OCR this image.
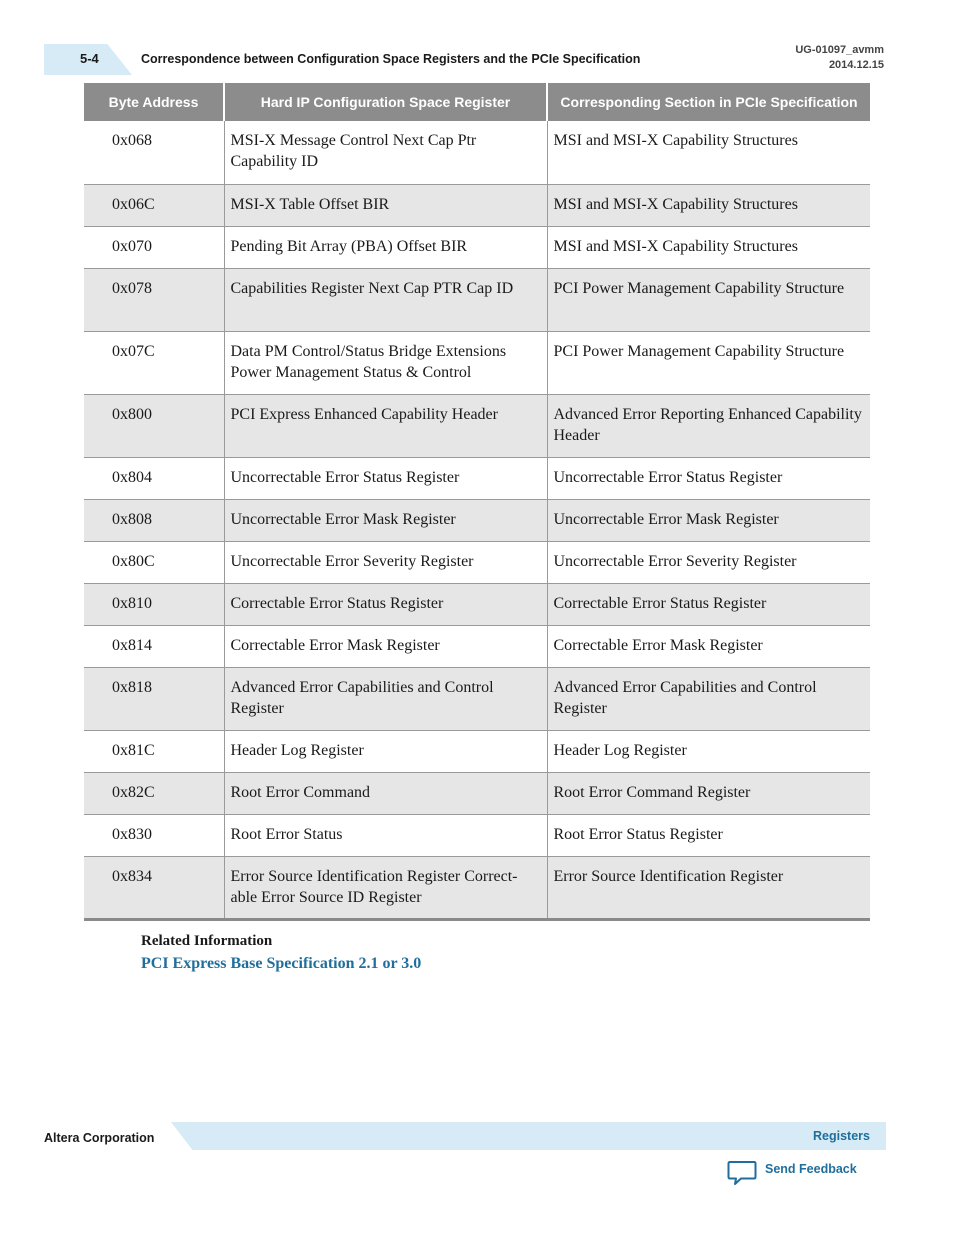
5-4	Correspondence between Configuration Space Registers and the PCIe Specification
UG-01097_avmm
2014.12.15
Byte Address	Hard IP Configuration Space Register	Corresponding Section in PCIe Specification
0x068	MSI-X Message Control Next Cap Ptr Capability ID	MSI and MSI-X Capability Structures
0x06C	MSI-X Table Offset BIR	MSI and MSI-X Capability Structures
0x070	Pending Bit Array (PBA) Offset BIR	MSI and MSI-X Capability Structures
0x078	Capabilities Register Next Cap PTR Cap ID	PCI Power Management Capability Structure
0x07C	Data PM Control/Status Bridge Extensions Power Management Status & Control	PCI Power Management Capability Structure
0x800	PCI Express Enhanced Capability Header	Advanced Error Reporting Enhanced Capability Header
0x804	Uncorrectable Error Status Register	Uncorrectable Error Status Register
0x808	Uncorrectable Error Mask Register	Uncorrectable Error Mask Register
0x80C	Uncorrectable Error Severity Register	Uncorrectable Error Severity Register
0x810	Correctable Error Status Register	Correctable Error Status Register
0x814	Correctable Error Mask Register	Correctable Error Mask Register
0x818	Advanced Error Capabilities and Control Register	Advanced Error Capabilities and Control Register
0x81C	Header Log Register	Header Log Register
0x82C	Root Error Command	Root Error Command Register
0x830	Root Error Status	Root Error Status Register
0x834	Error Source Identification Register Correct-able Error Source ID Register	Error Source Identification Register
Related Information
PCI Express Base Specification 2.1 or 3.0
Altera Corporation	Registers
Send Feedback
